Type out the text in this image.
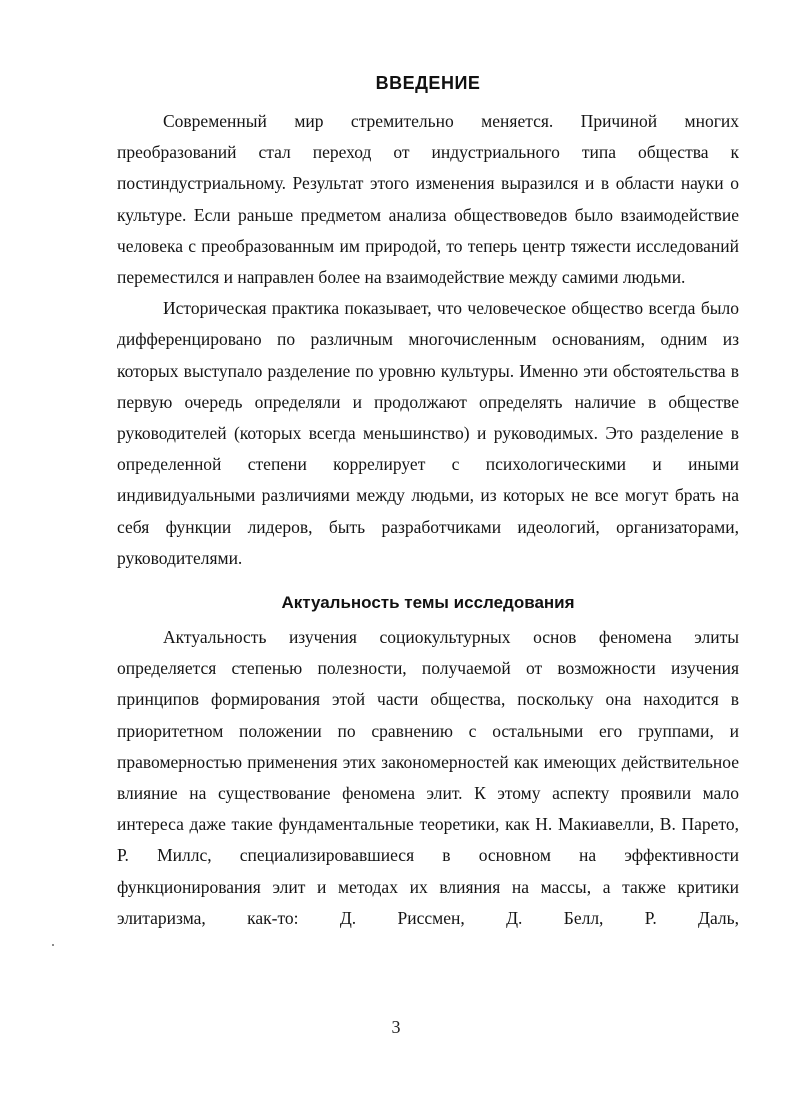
ВВЕДЕНИЕ

Современный мир стремительно меняется. Причиной многих преобразований стал переход от индустриального типа общества к постиндустриальному. Результат этого изменения выразился и в области науки о культуре. Если раньше предметом анализа обществоведов было взаимодействие человека с преобразованным им природой, то теперь центр тяжести исследований переместился и направлен более на взаимодействие между самими людьми.

Историческая практика показывает, что человеческое общество всегда было дифференцировано по различным многочисленным основаниям, одним из которых выступало разделение по уровню культуры. Именно эти обстоятельства в первую очередь определяли и продолжают определять наличие в обществе руководителей (которых всегда меньшинство) и руководимых. Это разделение в определенной степени коррелирует с психологическими и иными индивидуальными различиями между людьми, из которых не все могут брать на себя функции лидеров, быть разработчиками идеологий, организаторами, руководителями.

Актуальность темы исследования

Актуальность изучения социокультурных основ феномена элиты определяется степенью полезности, получаемой от возможности изучения принципов формирования этой части общества, поскольку она находится в приоритетном положении по сравнению с остальными его группами, и правомерностью применения этих закономерностей как имеющих действительное влияние на существование феномена элит. К этому аспекту проявили мало интереса даже такие фундаментальные теоретики, как Н. Макиавелли, В. Парето, Р. Миллс, специализировавшиеся в основном на эффективности функционирования элит и методах их влияния на массы, а также критики элитаризма, как-то: Д. Риссмен, Д. Белл, Р. Даль,

3
